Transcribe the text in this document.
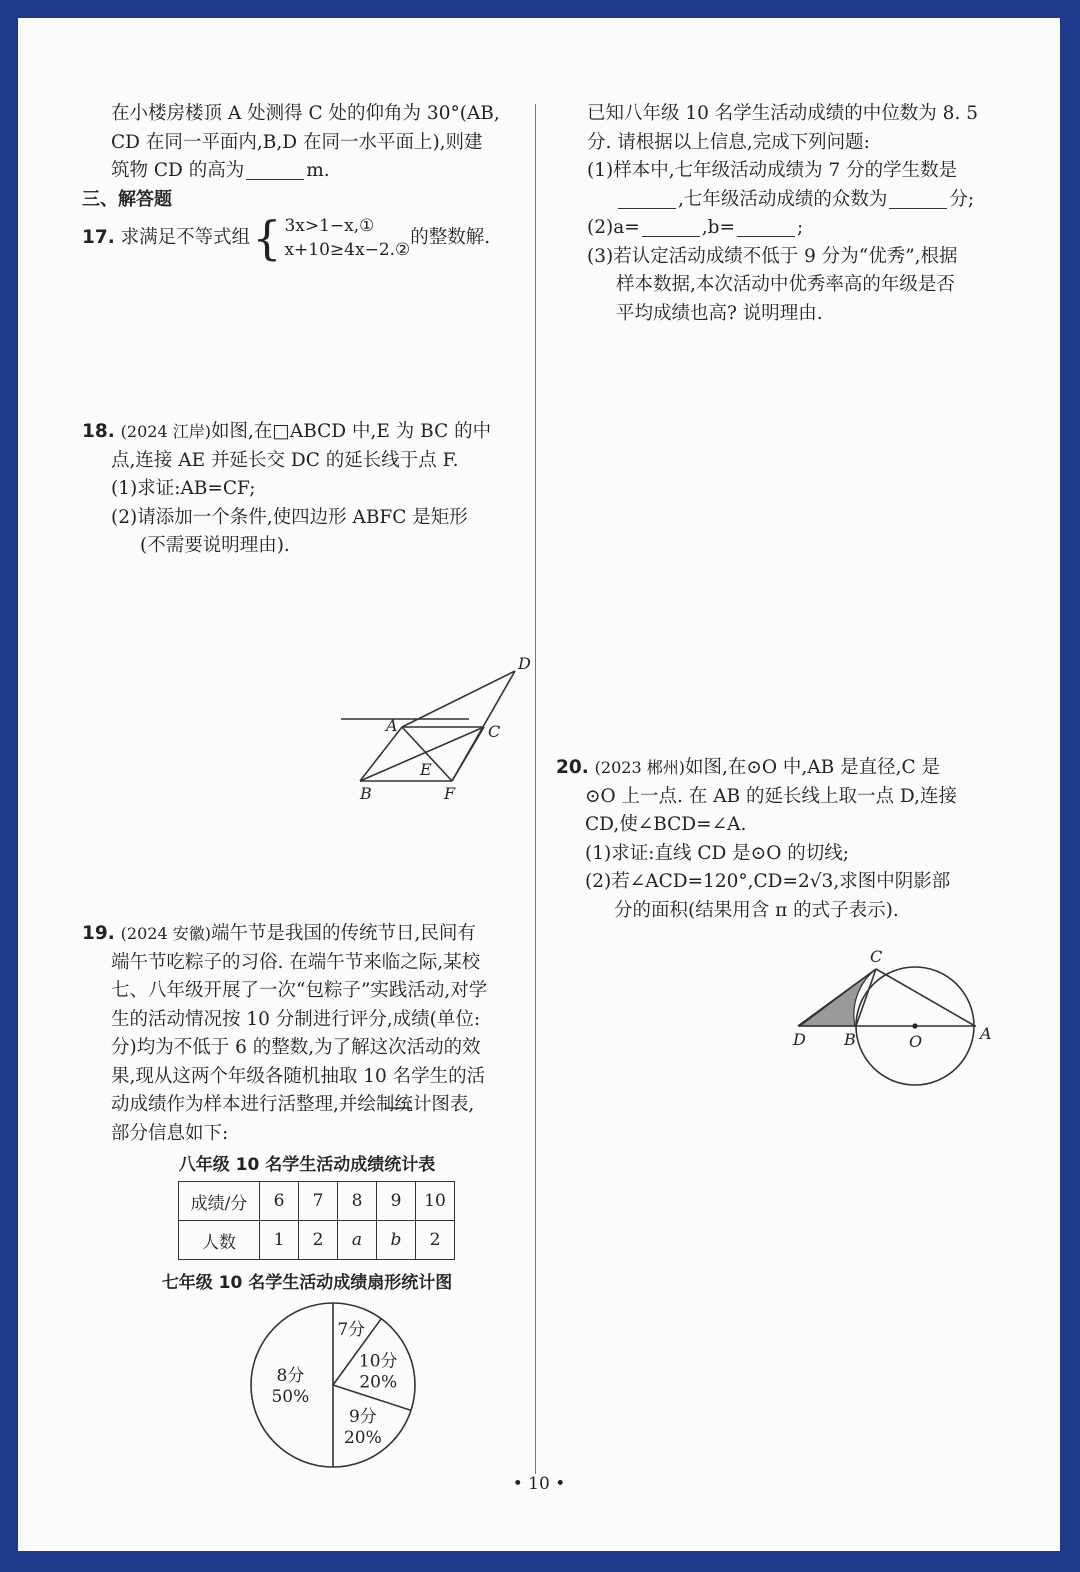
在小楼房楼顶 A 处测得 C 处的仰角为 30°(AB,
CD 在同一平面内,B,D 在同一水平面上),则建
筑物 CD 的高为	m.
三、解答题
17. 求满足不等式组 { 3x>1−x,①
x+10≥4x−2.②
的整数解.
18. (2024 江岸)如图,在□ABCD 中,E 为 BC 的中
点,连接 AE 并延长交 DC 的延长线于点 F.
(1)求证:AB=CF;
(2)请添加一个条件,使四边形 ABFC 是矩形
(不需要说明理由).
D
A	C
E
B	F
19. (2024 安徽)端午节是我国的传统节日,民间有
端午节吃粽子的习俗. 在端午节来临之际,某校
七、八年级开展了一次“包粽子”实践活动,对学
生的活动情况按 10 分制进行评分,成绩(单位:
分)均为不低于 6 的整数,为了解这次活动的效
果,现从这两个年级各随机抽取 10 名学生的活
动成绩作为样本进行活整理,并绘制统计图表,
部分信息如下:
八年级 10 名学生活动成绩统计表
成绩/分	6	7	8	9	10
人数	1	2	a	b	2
七年级 10 名学生活动成绩扇形统计图
8分
50%
7分
10分
20%
9分
20%
已知八年级 10 名学生活动成绩的中位数为 8. 5
分. 请根据以上信息,完成下列问题:
(1)样本中,七年级活动成绩为 7 分的学生数是
,七年级活动成绩的众数为	分;
(2)a=	,b=	;
(3)若认定活动成绩不低于 9 分为“优秀”,根据
样本数据,本次活动中优秀率高的年级是否
平均成绩也高? 说明理由.
20. (2023 郴州)如图,在⊙O 中,AB 是直径,C 是
⊙O 上一点. 在 AB 的延长线上取一点 D,连接
CD,使∠BCD=∠A.
(1)求证:直线 CD 是⊙O 的切线;
(2)若∠ACD=120°,CD=2√3,求图中阴影部
分的面积(结果用含 π 的式子表示).
C
D B	O	A
• 10 •
